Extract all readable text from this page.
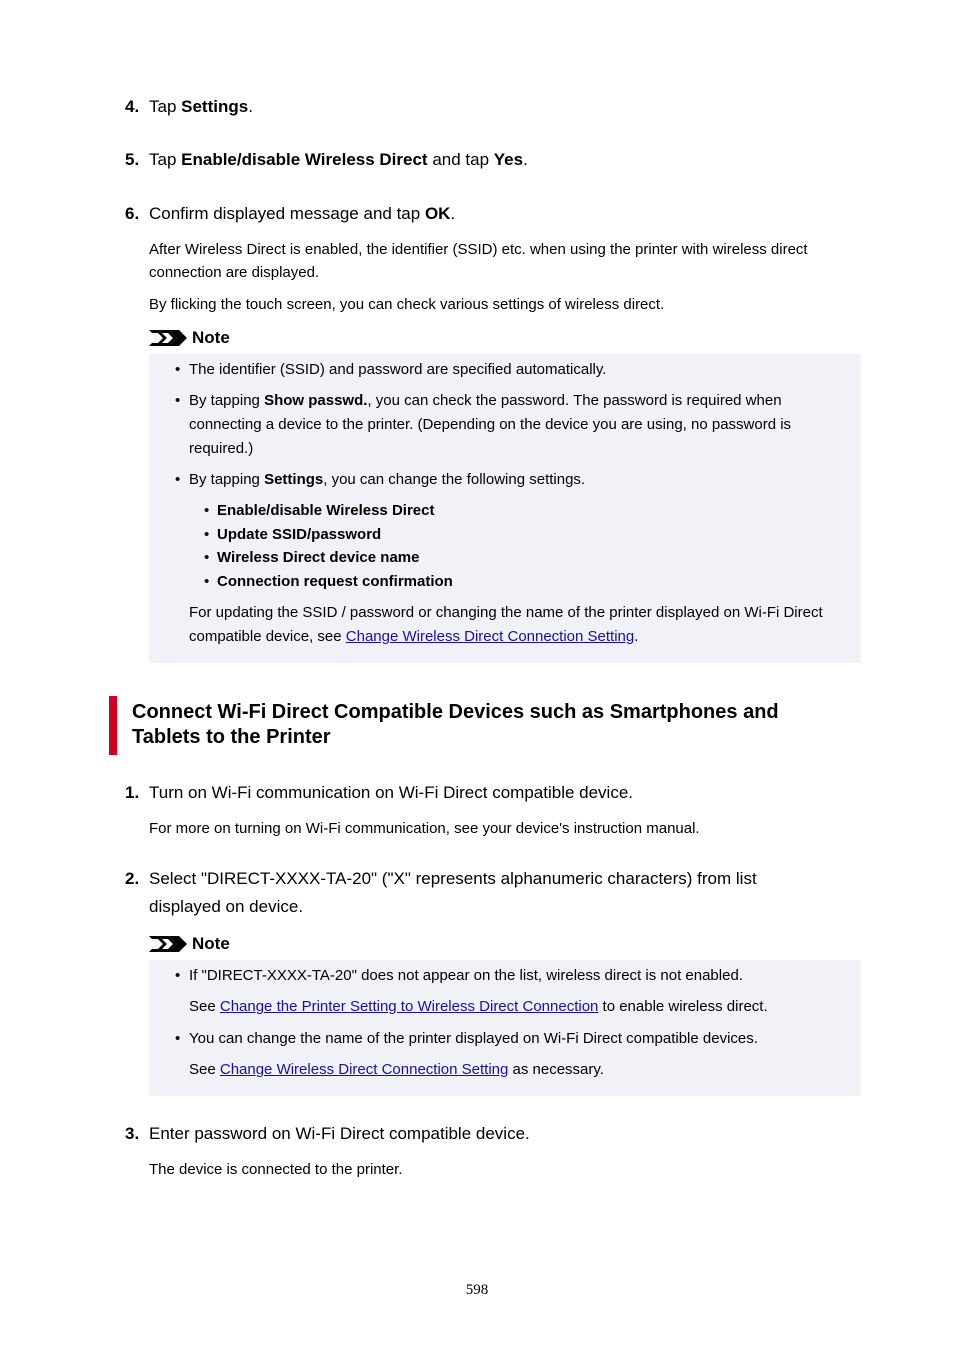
4. Tap Settings.
5. Tap Enable/disable Wireless Direct and tap Yes.
6. Confirm displayed message and tap OK.
After Wireless Direct is enabled, the identifier (SSID) etc. when using the printer with wireless direct connection are displayed.
By flicking the touch screen, you can check various settings of wireless direct.
Note
• The identifier (SSID) and password are specified automatically.
• By tapping Show passwd., you can check the password. The password is required when connecting a device to the printer. (Depending on the device you are using, no password is required.)
• By tapping Settings, you can change the following settings.
• Enable/disable Wireless Direct
• Update SSID/password
• Wireless Direct device name
• Connection request confirmation
For updating the SSID / password or changing the name of the printer displayed on Wi-Fi Direct compatible device, see Change Wireless Direct Connection Setting.
Connect Wi-Fi Direct Compatible Devices such as Smartphones and Tablets to the Printer
1. Turn on Wi-Fi communication on Wi-Fi Direct compatible device.
For more on turning on Wi-Fi communication, see your device's instruction manual.
2. Select "DIRECT-XXXX-TA-20" ("X" represents alphanumeric characters) from list displayed on device.
Note
• If "DIRECT-XXXX-TA-20" does not appear on the list, wireless direct is not enabled.
See Change the Printer Setting to Wireless Direct Connection to enable wireless direct.
• You can change the name of the printer displayed on Wi-Fi Direct compatible devices.
See Change Wireless Direct Connection Setting as necessary.
3. Enter password on Wi-Fi Direct compatible device.
The device is connected to the printer.
598
